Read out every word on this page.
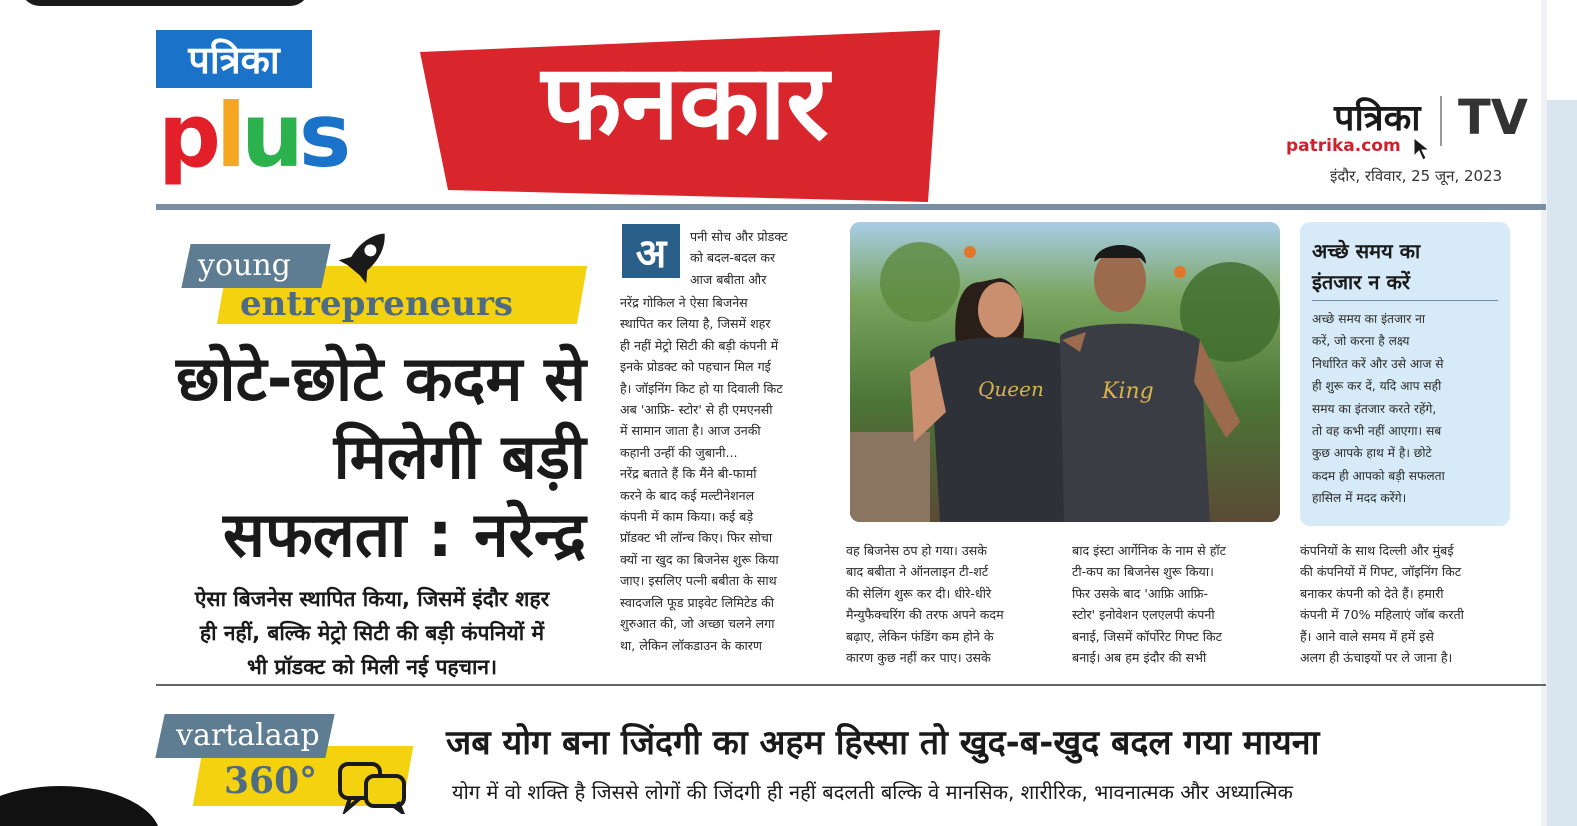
पत्रिका
plus	फनकार	पत्रिका TV
patrika.com
इंदौर, रविवार, 25 जून, 2023
young
entrepreneurs
छोटे-छोटे कदम से
मिलेगी बड़ी
सफलता : नरेन्द्र
ऐसा बिजनेस स्थापित किया, जिसमें इंदौर शहर
ही नहीं, बल्कि मेट्रो सिटी की बड़ी कंपनियों में
भी प्रॉडक्ट को मिली नई पहचान।
अ	पनी सोच और प्रोडक्ट
को बदल-बदल कर
आज बबीता और
नरेंद्र गोकिल ने ऐसा बिजनेस
स्थापित कर लिया है, जिसमें शहर
ही नहीं मेट्रो सिटी की बड़ी कंपनी में
इनके प्रोडक्ट को पहचान मिल गई
है। जॉइनिंग किट हो या दिवाली किट
अब 'आफ्रि- स्टोर' से ही एमएनसी
में सामान जाता है। आज उनकी
कहानी उन्हीं की जुबानी...
नरेंद्र बताते हैं कि मैंने बी-फार्मा
करने के बाद कई मल्टीनेशनल
कंपनी में काम किया। कई बड़े
प्रॉडक्ट भी लॉन्च किए। फिर सोचा
क्यों ना खुद का बिजनेस शुरू किया
जाए। इसलिए पत्नी बबीता के साथ
स्वादजलि फूड प्राइवेट लिमिटेड की
शुरुआत की, जो अच्छा चलने लगा
था, लेकिन लॉकडाउन के कारण
Queen	King
वह बिजनेस ठप हो गया। उसके
बाद बबीता ने ऑनलाइन टी-शर्ट
की सेलिंग शुरू कर दी। धीरे-धीरे
मैन्युफैक्चरिंग की तरफ अपने कदम
बढ़ाए, लेकिन फंडिंग कम होने के
कारण कुछ नहीं कर पाए। उसके
बाद इंस्टा आर्गेनिक के नाम से हॉट
टी-कप का बिजनेस शुरू किया।
फिर उसके बाद 'आफ्रि आफ्रि-
स्टोर' इनोवेशन एलएलपी कंपनी
बनाई, जिसमें कॉर्पोरेट गिफ्ट किट
बनाई। अब हम इंदौर की सभी
कंपनियों के साथ दिल्ली और मुंबई
की कंपनियों में गिफ्ट, जॉइनिंग किट
बनाकर कंपनी को देते हैं। हमारी
कंपनी में 70% महिलाएं जॉब करती
हैं। आने वाले समय में हमें इसे
अलग ही ऊंचाइयों पर ले जाना है।
अच्छे समय का
इंतजार न करें
अच्छे समय का इंतजार ना
करें, जो करना है लक्ष्य
निर्धारित करें और उसे आज से
ही शुरू कर दें, यदि आप सही
समय का इंतजार करते रहेंगे,
तो वह कभी नहीं आएगा। सब
कुछ आपके हाथ में है। छोटे
कदम ही आपको बड़ी सफलता
हासिल में मदद करेंगे।
vartalaap
360°
जब योग बना जिंदगी का अहम हिस्सा तो खुद-ब-खुद बदल गया मायना
योग में वो शक्ति है जिससे लोगों की जिंदगी ही नहीं बदलती बल्कि वे मानसिक, शारीरिक, भावनात्मक और अध्यात्मिक
